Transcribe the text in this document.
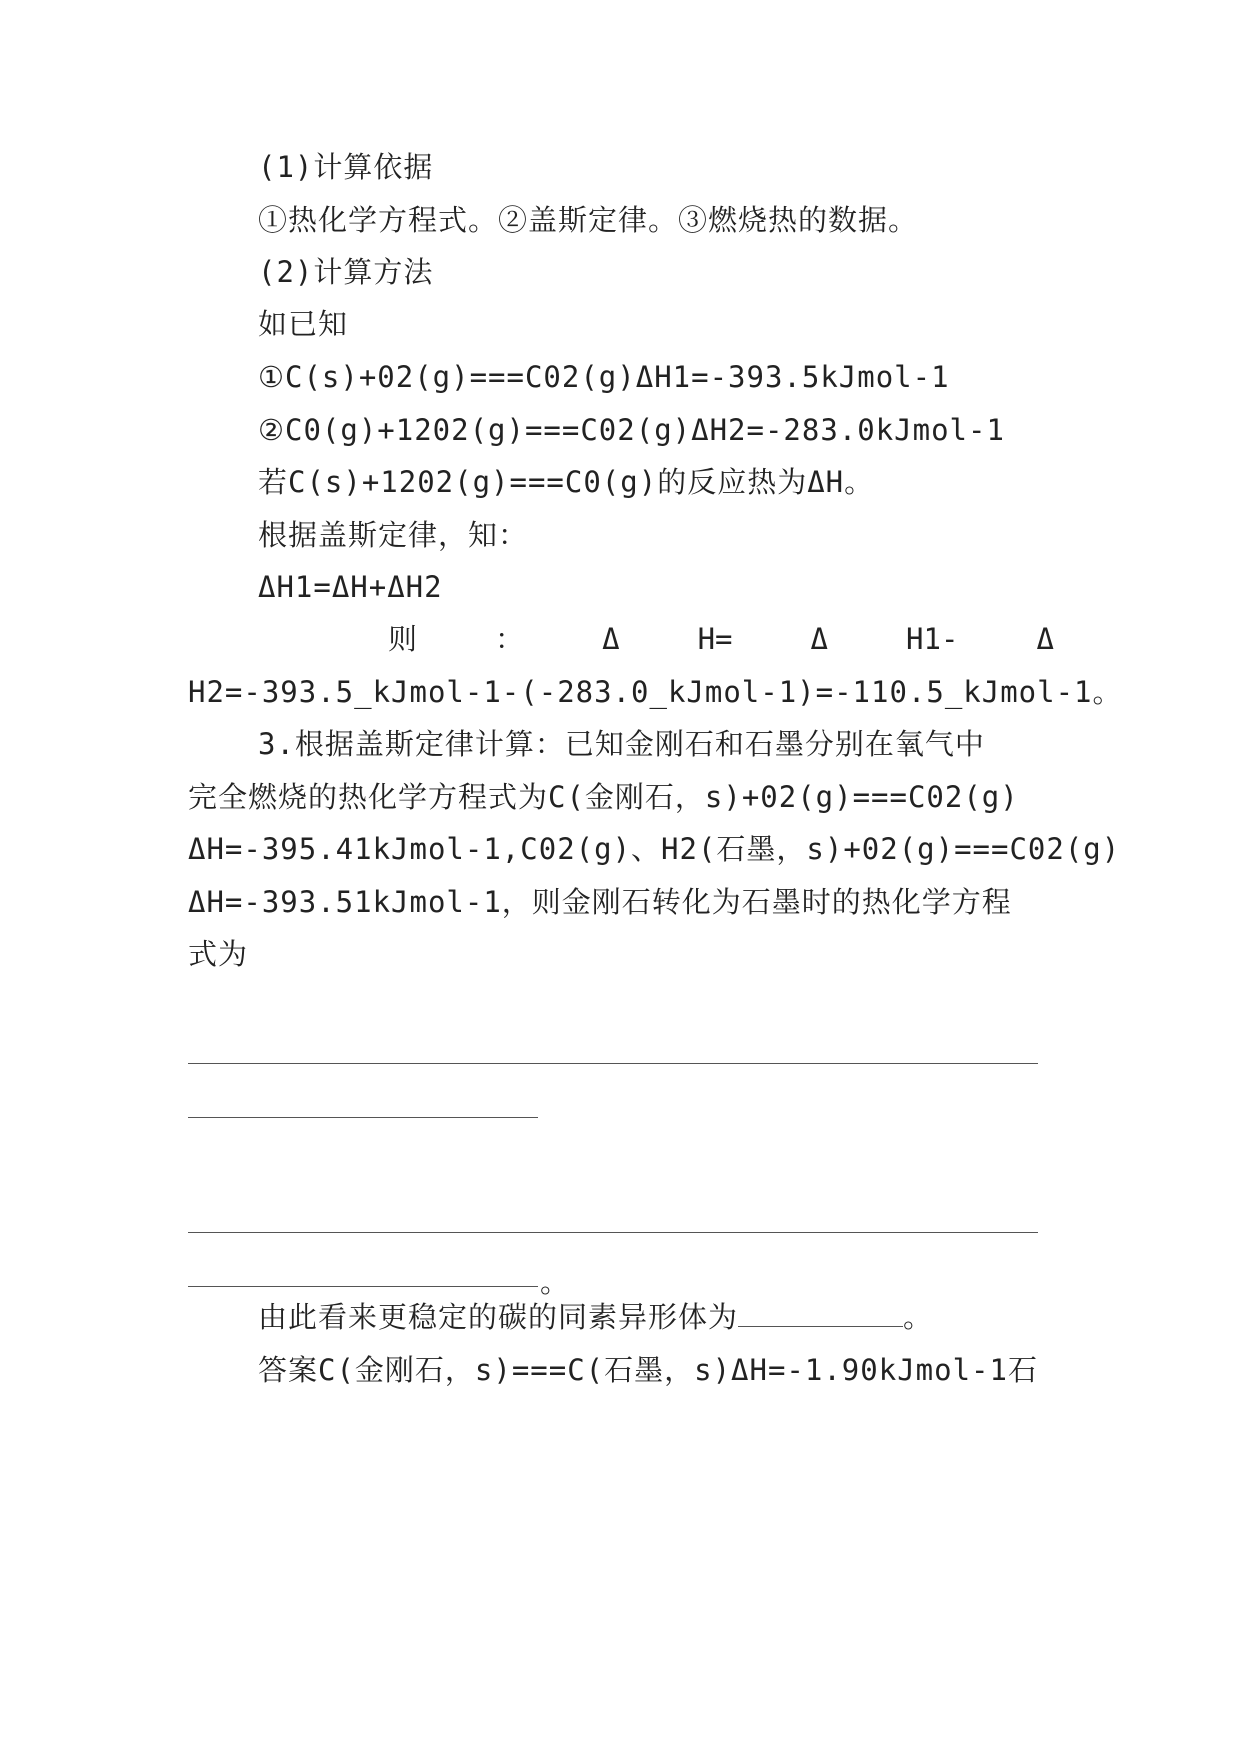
(1)计算依据
①热化学方程式。②盖斯定律。③燃烧热的数据。
(2)计算方法
如已知
①C(s)+02(g)===C02(g)ΔH1=-393.5kJmol-1
②C0(g)+1202(g)===C02(g)ΔH2=-283.0kJmol-1
若C(s)+1202(g)===C0(g)的反应热为ΔH。
根据盖斯定律，知：
ΔH1=ΔH+ΔH2
则	：	Δ	H=	Δ	H1-	Δ
H2=-393.5_kJmol-1-(-283.0_kJmol-1)=-110.5_kJmol-1。
3.根据盖斯定律计算：已知金刚石和石墨分别在氧气中
完全燃烧的热化学方程式为C(金刚石，s)+02(g)===C02(g)
ΔH=-395.41kJmol-1,C02(g)、H2(石墨，s)+02(g)===C02(g)
ΔH=-393.51kJmol-1，则金刚石转化为石墨时的热化学方程
式为
。
由此看来更稳定的碳的同素异形体为	。
答案C(金刚石，s)===C(石墨，s)ΔH=-1.90kJmol-1石
